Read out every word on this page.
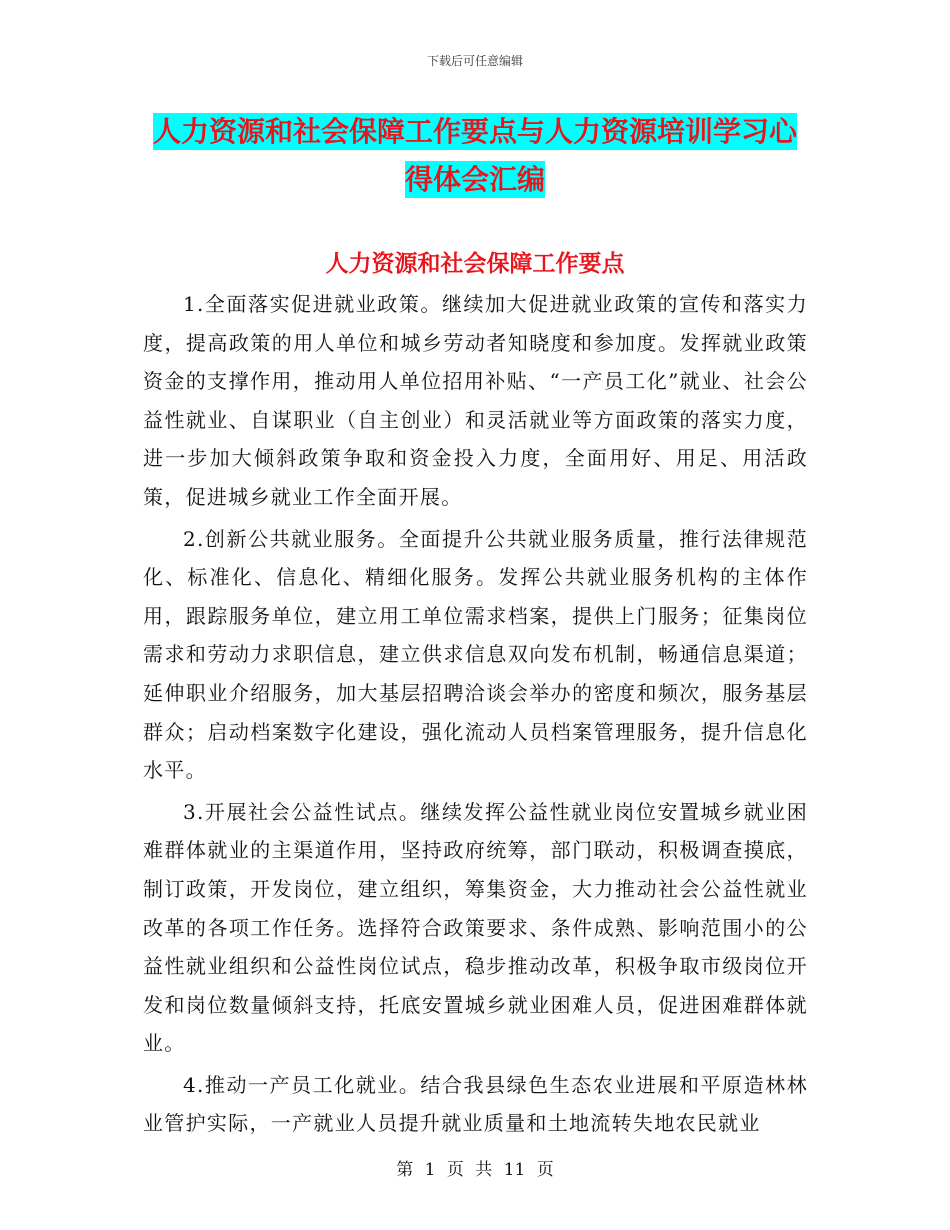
下载后可任意编辑
人力资源和社会保障工作要点与人力资源培训学习心得体会汇编
人力资源和社会保障工作要点

1.全面落实促进就业政策。继续加大促进就业政策的宣传和落实力度，提高政策的用人单位和城乡劳动者知晓度和参加度。发挥就业政策资金的支撑作用，推动用人单位招用补贴、“一产员工化”就业、社会公益性就业、自谋职业（自主创业）和灵活就业等方面政策的落实力度，进一步加大倾斜政策争取和资金投入力度，全面用好、用足、用活政策，促进城乡就业工作全面开展。

2.创新公共就业服务。全面提升公共就业服务质量，推行法律规范化、标准化、信息化、精细化服务。发挥公共就业服务机构的主体作用，跟踪服务单位，建立用工单位需求档案，提供上门服务；征集岗位需求和劳动力求职信息，建立供求信息双向发布机制，畅通信息渠道；延伸职业介绍服务，加大基层招聘洽谈会举办的密度和频次，服务基层群众；启动档案数字化建设，强化流动人员档案管理服务，提升信息化水平。

3.开展社会公益性试点。继续发挥公益性就业岗位安置城乡就业困难群体就业的主渠道作用，坚持政府统筹，部门联动，积极调查摸底，制订政策，开发岗位，建立组织，筹集资金，大力推动社会公益性就业改革的各项工作任务。选择符合政策要求、条件成熟、影响范围小的公益性就业组织和公益性岗位试点，稳步推动改革，积极争取市级岗位开发和岗位数量倾斜支持，托底安置城乡就业困难人员，促进困难群体就业。

4.推动一产员工化就业。结合我县绿色生态农业进展和平原造林林业管护实际，一产就业人员提升就业质量和土地流转失地农民就业

第 1 页 共 11 页
